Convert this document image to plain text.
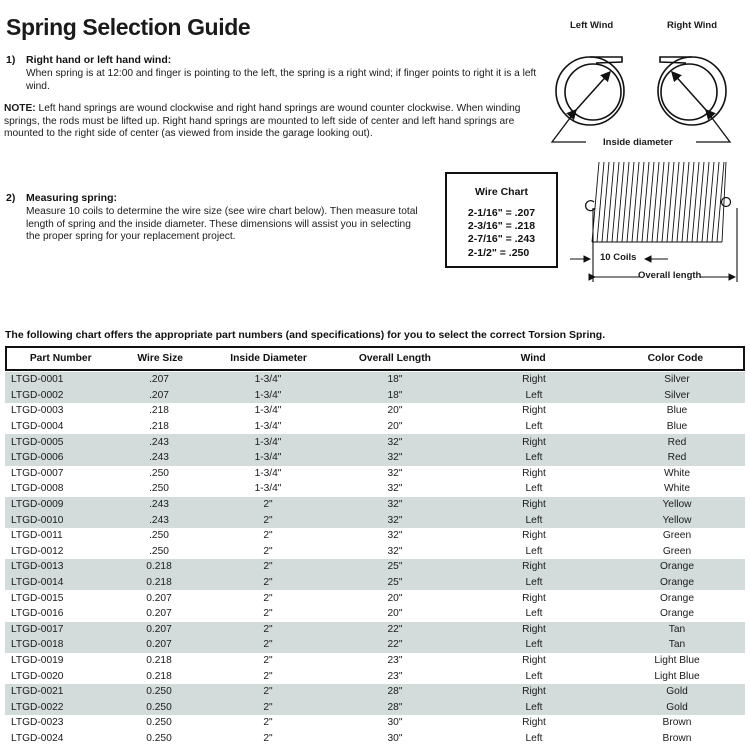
Spring Selection Guide
1)	Right hand or left hand wind:
When spring is at 12:00 and finger is pointing to the left, the spring is a right wind; if finger points to right it is a left wind.
NOTE: Left hand springs are wound clockwise and right hand springs are wound counter clockwise. When winding springs, the rods must be lifted up. Right hand springs are mounted to left side of center and left hand springs are mounted to the right side of center (as viewed from inside the garage looking out).
2)	Measuring spring:
Measure 10 coils to determine the wire size (see wire chart below). Then measure total length of spring and the inside diameter. These dimensions will assist you in selecting the proper spring for your replacement project.
Wire Chart
2-1/16" = .207
2-3/16" = .218
2-7/16" = .243
2-1/2" = .250
Left Wind	Right Wind
Inside diameter
10 Coils
Overall length
The following chart offers the appropriate part numbers (and specifications) for you to select the correct Torsion Spring.
Part Number	Wire Size	Inside Diameter	Overall Length	Wind	Color Code
LTGD-0001	.207	1-3/4"	18"	Right	Silver
LTGD-0002	.207	1-3/4"	18"	Left	Silver
LTGD-0003	.218	1-3/4"	20"	Right	Blue
LTGD-0004	.218	1-3/4"	20"	Left	Blue
LTGD-0005	.243	1-3/4"	32"	Right	Red
LTGD-0006	.243	1-3/4"	32"	Left	Red
LTGD-0007	.250	1-3/4"	32"	Right	White
LTGD-0008	.250	1-3/4"	32"	Left	White
LTGD-0009	.243	2"	32"	Right	Yellow
LTGD-0010	.243	2"	32"	Left	Yellow
LTGD-0011	.250	2"	32"	Right	Green
LTGD-0012	.250	2"	32"	Left	Green
LTGD-0013	0.218	2"	25"	Right	Orange
LTGD-0014	0.218	2"	25"	Left	Orange
LTGD-0015	0.207	2"	20"	Right	Orange
LTGD-0016	0.207	2"	20"	Left	Orange
LTGD-0017	0.207	2"	22"	Right	Tan
LTGD-0018	0.207	2"	22"	Left	Tan
LTGD-0019	0.218	2"	23"	Right	Light Blue
LTGD-0020	0.218	2"	23"	Left	Light Blue
LTGD-0021	0.250	2"	28"	Right	Gold
LTGD-0022	0.250	2"	28"	Left	Gold
LTGD-0023	0.250	2"	30"	Right	Brown
LTGD-0024	0.250	2"	30"	Left	Brown
